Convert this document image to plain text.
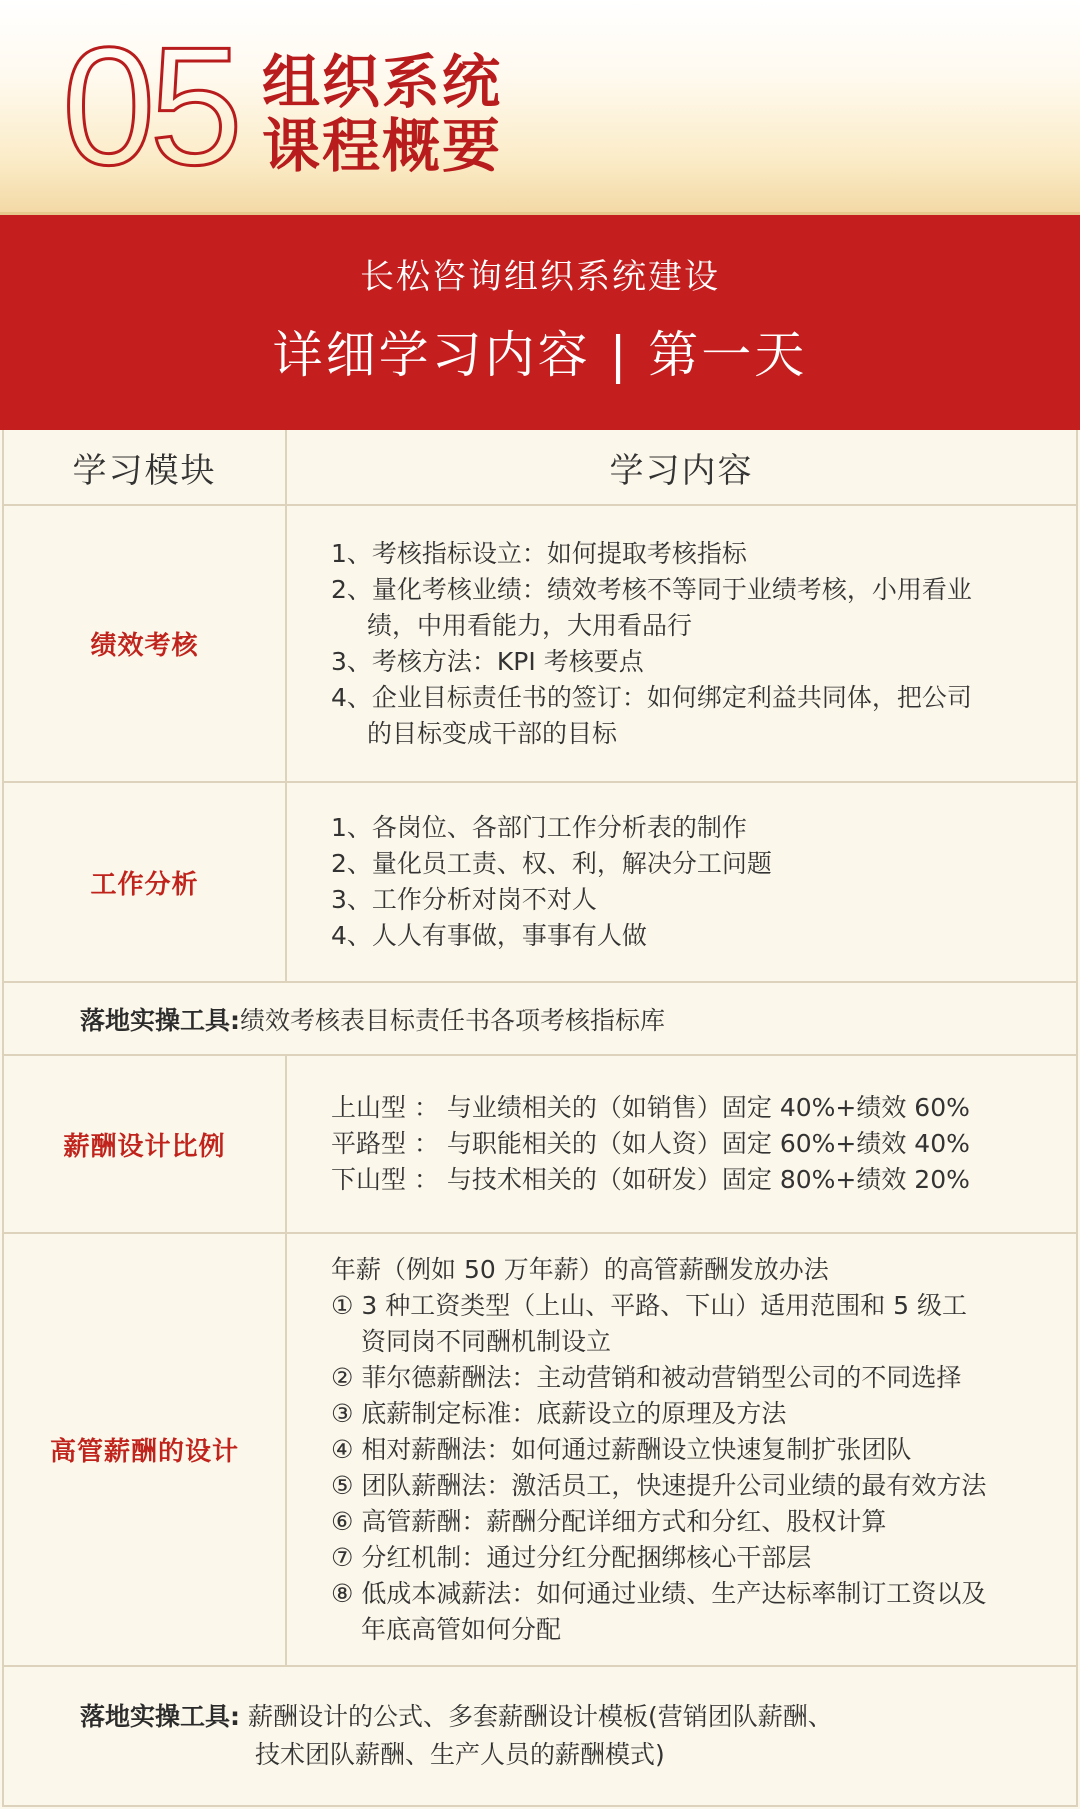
05 组织系统
课程概要
长松咨询组织系统建设
详细学习内容 | 第一天
学习模块	学习内容
绩效考核
1、考核指标设立：如何提取考核指标
2、量化考核业绩：绩效考核不等同于业绩考核，小用看业
绩，中用看能力，大用看品行
3、考核方法：KPI 考核要点
4、企业目标责任书的签订：如何绑定利益共同体，把公司
的目标变成干部的目标
工作分析
1、各岗位、各部门工作分析表的制作
2、量化员工责、权、利，解决分工问题
3、工作分析对岗不对人
4、人人有事做，事事有人做
落地实操工具: 绩效考核表目标责任书各项考核指标库
薪酬设计比例
上山型 ： 与业绩相关的（如销售）固定 40%+绩效 60%
平路型 ： 与职能相关的（如人资）固定 60%+绩效 40%
下山型 ： 与技术相关的（如研发）固定 80%+绩效 20%
高管薪酬的设计
年薪（例如 50 万年薪）的高管薪酬发放办法
① 3 种工资类型（上山、平路、下山）适用范围和 5 级工
资同岗不同酬机制设立
② 菲尔德薪酬法：主动营销和被动营销型公司的不同选择
③ 底薪制定标准：底薪设立的原理及方法
④ 相对薪酬法：如何通过薪酬设立快速复制扩张团队
⑤ 团队薪酬法：激活员工，快速提升公司业绩的最有效方法
⑥ 高管薪酬：薪酬分配详细方式和分红、股权计算
⑦ 分红机制：通过分红分配捆绑核心干部层
⑧ 低成本减薪法：如何通过业绩、生产达标率制订工资以及
年底高管如何分配
落地实操工具: 薪酬设计的公式、多套薪酬设计模板(营销团队薪酬、
技术团队薪酬、生产人员的薪酬模式)
